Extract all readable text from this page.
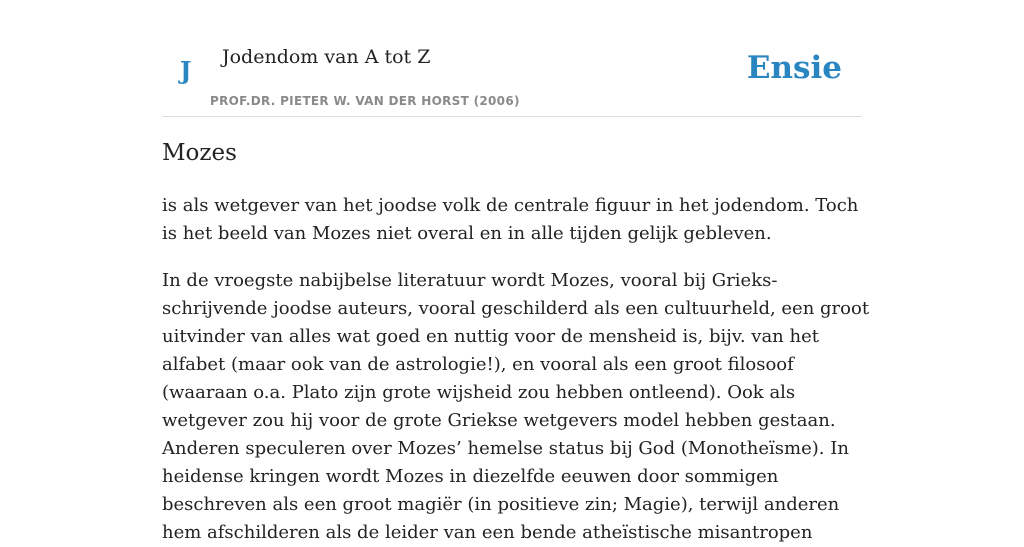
J Jodendom van A tot Z
PROF.DR. PIETER W. VAN DER HORST (2006)
Ensie
Mozes

is als wetgever van het joodse volk de centrale figuur in het jodendom. Toch is het beeld van Mozes niet overal en in alle tijden gelijk gebleven.

In de vroegste nabijbelse literatuur wordt Mozes, vooral bij Grieks-schrijvende joodse auteurs, vooral geschilderd als een cultuurheld, een groot uitvinder van alles wat goed en nuttig voor de mensheid is, bijv. van het alfabet (maar ook van de astrologie!), en vooral als een groot filosoof (waaraan o.a. Plato zijn grote wijsheid zou hebben ontleend). Ook als wetgever zou hij voor de grote Griekse wetgevers model hebben gestaan. Anderen speculeren over Mozes’ hemelse status bij God (Monotheïsme). In heidense kringen wordt Mozes in diezelfde eeuwen door sommigen beschreven als een groot magiër (in positieve zin; Magie), terwijl anderen hem afschilderen als de leider van een bende atheïstische misantropen
